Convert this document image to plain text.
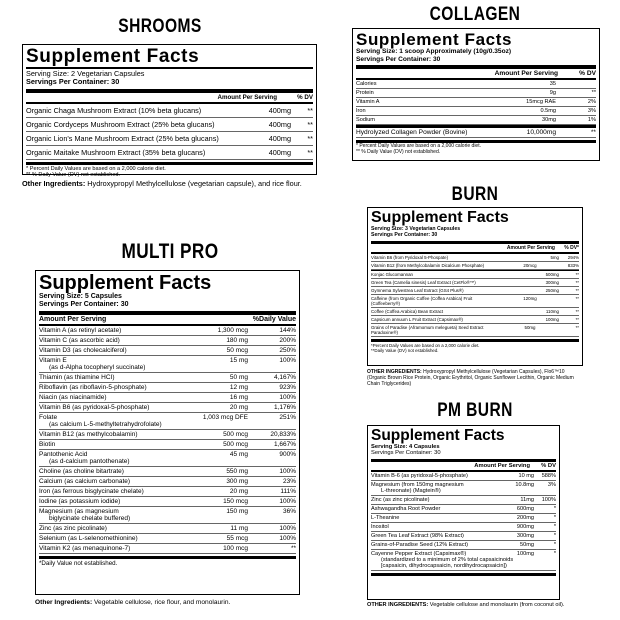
SHROOMS
Supplement Facts
Serving Size: 2 Vegetarian Capsules
Servings Per Container: 30
Amount Per Serving	% DV
Organic Chaga Mushroom Extract (10% beta glucans)	400mg	**
Organic Cordyceps Mushroom Extract (25% beta glucans)	400mg	**
Organic Lion's Mane Mushroom Extract (25% beta glucans)	400mg	**
Organic Maitake Mushroom Extract (35% beta glucans)	400mg	**
* Percent Daily Values are based on a 2,000 calorie diet.
** % Daily Value (DV) not established.
Other Ingredients: Hydroxypropyl Methylcellulose (vegetarian capsule), and rice flour.
COLLAGEN
Supplement Facts
Serving Size: 1 scoop Approximately (10g/0.35oz)
Servings Per Container: 30
Amount Per Serving	% DV
Calories	35
Protein	9g	**
Vitamin A	15mcg RAE	2%
Iron	0.5mg	3%
Sodium	30mg	1%
Hydrolyzed Collagen Powder (Bovine)	10,000mg	**
* Percent Daily Values are based on a 2,000 calorie diet.
** % Daily Value (DV) not established.
BURN
Supplement Facts
Serving Size: 3 Vegetarian Capsules
Servings Per Container: 30
Amount Per Serving	% DV*
Vitamin B6 (from Pyridoxal 5-Phospate)	5mg	294%
Vitamin B12 (from Methylcobalamin Dicalcium Phosphate)	20mcg	833%
Konjac Glucomannan	500mg	**
Green Tea (Camelia sinesis) Leaf Extract (CetFlo®™)	300mg	**
Gymnema Sylvestrea Leaf Extract (GS4 Plus®)	250mg	**
Caffeine (from Organic Coffee (Coffea Arabica) Fruit (Coffeeberry®)
120mg	**
Coffee (Coffea Arabica) Bean Extract	110mg	**
Capsicum annuum L Fruit Extract (Capsimax®)	100mg	**
Grains of Paradise (Aframomum melegueta) Seed Extract Paradoxine®)
50mg	**
*Percent Daily Values are based on a 2,000 calorie diet.
**Daily Value (DV) not established.
OTHER INGREDIENTS: Hydroxypropyl Methylcellulose (Vegetarian Capsules), Flo6™10 (Organic Brown Rice Protein, Organic Erythritol, Organic Sunflower Lecithin, Organic Medium Chain Triglycerides)
MULTI PRO
Supplement Facts
Serving Size: 5 Capsules
Servings Per Container: 30
Amount Per Serving	%Daily Value
Vitamin A (as retinyl acetate)	1,300 mcg	144%
Vitamin C (as ascorbic acid)	180 mg	200%
Vitamin D3 (as cholecalciferol)	50 mcg	250%
Vitamin E
(as d-Alpha tocopheryl succinate)
15 mg	100%
Thiamin (as thiamine HCI)	50 mg	4,167%
Riboflavin (as riboflavin-5-phosphate)	12 mg	923%
Niacin (as niacinamide)	16 mg	100%
Vitamin B6 (as pyridoxal-5-phosphate)	20 mg	1,176%
Folate
(as calcium L-5-methyltetrahydrofolate)
1,003 mcg DFE	251%
Vitamin B12 (as methylcobalamin)	500 mcg	20,833%
Biotin	500 mcg	1,667%
Pantothenic Acid
(as d-calcium pantothenate)
45 mg	900%
Choline (as choline bitartrate)	550 mg	100%
Calcium (as calcium carbonate)	300 mg	23%
Iron (as ferrous bisglycinate chelate)	20 mg	111%
Iodine (as potassium iodide)	150 mcg	100%
Magnesium (as magnesium
biglycinate chelate buffered)
150 mg	36%
Zinc (as zinc picolinate)	11 mg	100%
Selenium (as L-selenomethionine)	55 mcg	100%
Vitamin K2 (as menaquinone-7)	100 mcg	**
*Daily Value not established.
Other Ingredients: Vegetable cellulose, rice flour, and monolaurin.
PM BURN
Supplement Facts
Serving Size: 4 Capsules
Servings Per Container: 30
Amount Per Serving	% DV
Vitamin B-6 (as pyridoxal-5-phosphate)	10 mg	588%
Magnesium (from 150mg magnesium
L-threonate) (Magtein®)
10.8mg	3%
Zinc (as zinc picolinate)	11mg	100%
Ashwagandha Root Powder	600mg	*
L-Theanine	200mg	*
Inositol	900mg	*
Green Tea Leaf Extract (98% Extract)	300mg	*
Grains-of-Paradise Seed (12% Extract)	50mg	*
Cayenne Pepper Extract (Capsimax®)
(standardized to a minimum of 2% total capsaicinoids [capsaicin, dihydrocapsaicin, nordihydrocapsaicin])
100mg	*
OTHER INGREDIENTS: Vegetable cellulose and monolaurin (from coconut oil).
